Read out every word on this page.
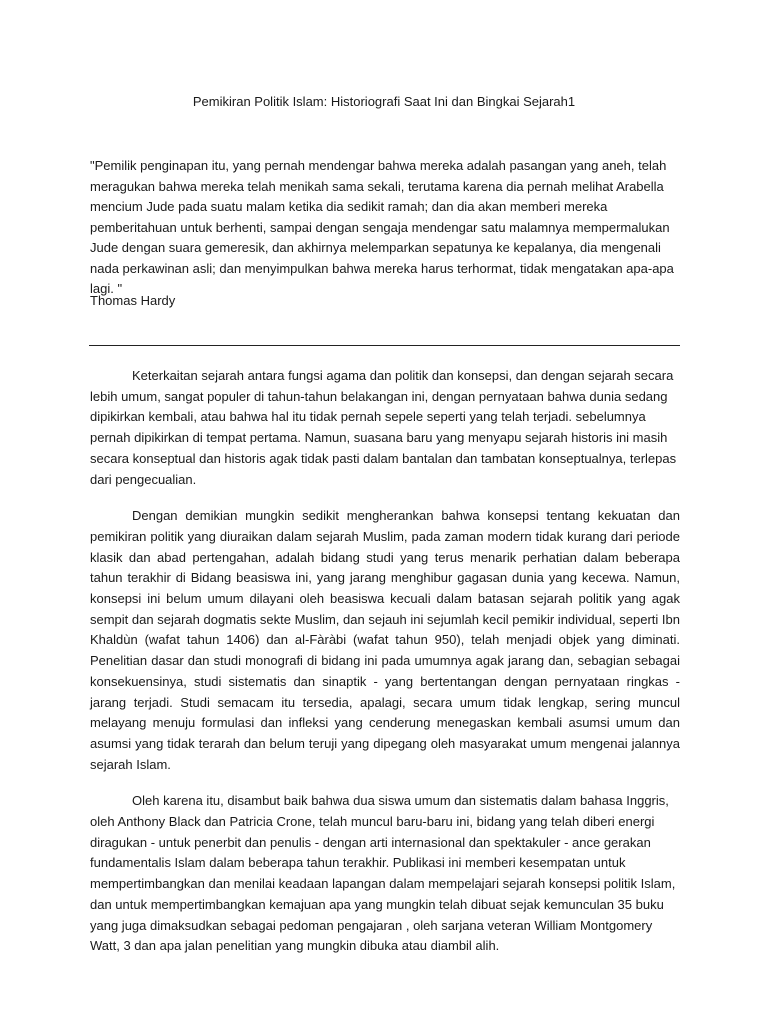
Pemikiran Politik Islam: Historiografi Saat Ini dan Bingkai Sejarah1

"Pemilik penginapan itu, yang pernah mendengar bahwa mereka adalah pasangan yang aneh, telah meragukan bahwa mereka telah menikah sama sekali, terutama karena dia pernah melihat Arabella mencium Jude pada suatu malam ketika dia sedikit ramah; dan dia akan memberi mereka pemberitahuan untuk berhenti, sampai dengan sengaja mendengar satu malamnya mempermalukan Jude dengan suara gemeresik, dan akhirnya melemparkan sepatunya ke kepalanya, dia mengenali nada perkawinan asli; dan menyimpulkan bahwa mereka harus terhormat, tidak mengatakan apa-apa lagi. "

Thomas Hardy

Keterkaitan sejarah antara fungsi agama dan politik dan konsepsi, dan dengan sejarah secara lebih umum, sangat populer di tahun-tahun belakangan ini, dengan pernyataan bahwa dunia sedang dipikirkan kembali, atau bahwa hal itu tidak pernah sepele seperti yang telah terjadi. sebelumnya pernah dipikirkan di tempat pertama. Namun, suasana baru yang menyapu sejarah historis ini masih secara konseptual dan historis agak tidak pasti dalam bantalan dan tambatan konseptualnya, terlepas dari pengecualian.

Dengan demikian mungkin sedikit mengherankan bahwa konsepsi tentang kekuatan dan pemikiran politik yang diuraikan dalam sejarah Muslim, pada zaman modern tidak kurang dari periode klasik dan abad pertengahan, adalah bidang studi yang terus menarik perhatian dalam beberapa tahun terakhir di Bidang beasiswa ini, yang jarang menghibur gagasan dunia yang kecewa. Namun, konsepsi ini belum umum dilayani oleh beasiswa kecuali dalam batasan sejarah politik yang agak sempit dan sejarah dogmatis sekte Muslim, dan sejauh ini sejumlah kecil pemikir individual, seperti Ibn Khaldùn (wafat tahun 1406) dan al-Fàràbi (wafat tahun 950), telah menjadi objek yang diminati. Penelitian dasar dan studi monografi di bidang ini pada umumnya agak jarang dan, sebagian sebagai konsekuensinya, studi sistematis dan sinaptik - yang bertentangan dengan pernyataan ringkas - jarang terjadi. Studi semacam itu tersedia, apalagi, secara umum tidak lengkap, sering muncul melayang menuju formulasi dan infleksi yang cenderung menegaskan kembali asumsi umum dan asumsi yang tidak terarah dan belum teruji yang dipegang oleh masyarakat umum mengenai jalannya sejarah Islam.

Oleh karena itu, disambut baik bahwa dua siswa umum dan sistematis dalam bahasa Inggris, oleh Anthony Black dan Patricia Crone, telah muncul baru-baru ini, bidang yang telah diberi energi diragukan - untuk penerbit dan penulis - dengan arti internasional dan spektakuler - ance gerakan fundamentalis Islam dalam beberapa tahun terakhir. Publikasi ini memberi kesempatan untuk mempertimbangkan dan menilai keadaan lapangan dalam mempelajari sejarah konsepsi politik Islam, dan untuk mempertimbangkan kemajuan apa yang mungkin telah dibuat sejak kemunculan 35 buku yang juga dimaksudkan sebagai pedoman pengajaran , oleh sarjana veteran William Montgomery Watt, 3 dan apa jalan penelitian yang mungkin dibuka atau diambil alih.
